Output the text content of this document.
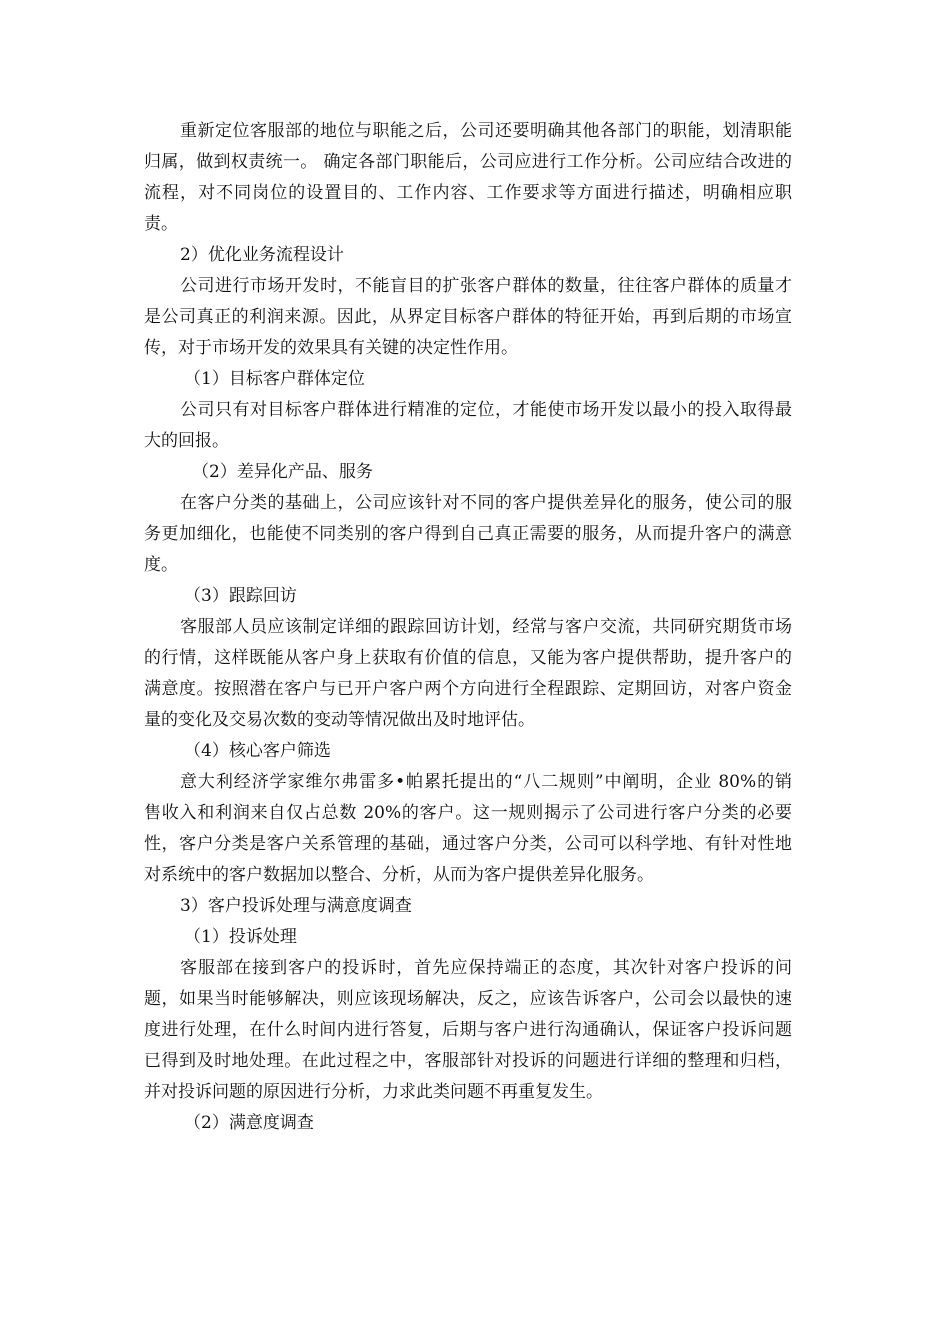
重新定位客服部的地位与职能之后，公司还要明确其他各部门的职能，划清职能
归属，做到权责统一。 确定各部门职能后，公司应进行工作分析。公司应结合改进的
流程，对不同岗位的设置目的、工作内容、工作要求等方面进行描述，明确相应职
责。
2）优化业务流程设计
公司进行市场开发时，不能盲目的扩张客户群体的数量，往往客户群体的质量才
是公司真正的利润来源。因此，从界定目标客户群体的特征开始，再到后期的市场宣
传，对于市场开发的效果具有关键的决定性作用。
（1）目标客户群体定位
公司只有对目标客户群体进行精准的定位，才能使市场开发以最小的投入取得最
大的回报。
（2）差异化产品、服务
在客户分类的基础上，公司应该针对不同的客户提供差异化的服务，使公司的服
务更加细化，也能使不同类别的客户得到自己真正需要的服务，从而提升客户的满意
度。
（3）跟踪回访
客服部人员应该制定详细的跟踪回访计划，经常与客户交流，共同研究期货市场
的行情，这样既能从客户身上获取有价值的信息，又能为客户提供帮助，提升客户的
满意度。按照潜在客户与已开户客户两个方向进行全程跟踪、定期回访，对客户资金
量的变化及交易次数的变动等情况做出及时地评估。
（4）核心客户筛选
意大利经济学家维尔弗雷多•帕累托提出的“八二规则”中阐明，企业 80%的销
售收入和利润来自仅占总数 20%的客户。这一规则揭示了公司进行客户分类的必要
性，客户分类是客户关系管理的基础，通过客户分类，公司可以科学地、有针对性地
对系统中的客户数据加以整合、分析，从而为客户提供差异化服务。
3）客户投诉处理与满意度调查
（1）投诉处理
客服部在接到客户的投诉时，首先应保持端正的态度，其次针对客户投诉的问
题，如果当时能够解决，则应该现场解决，反之，应该告诉客户，公司会以最快的速
度进行处理，在什么时间内进行答复，后期与客户进行沟通确认，保证客户投诉问题
已得到及时地处理。在此过程之中，客服部针对投诉的问题进行详细的整理和归档，
并对投诉问题的原因进行分析，力求此类问题不再重复发生。
（2）满意度调查
